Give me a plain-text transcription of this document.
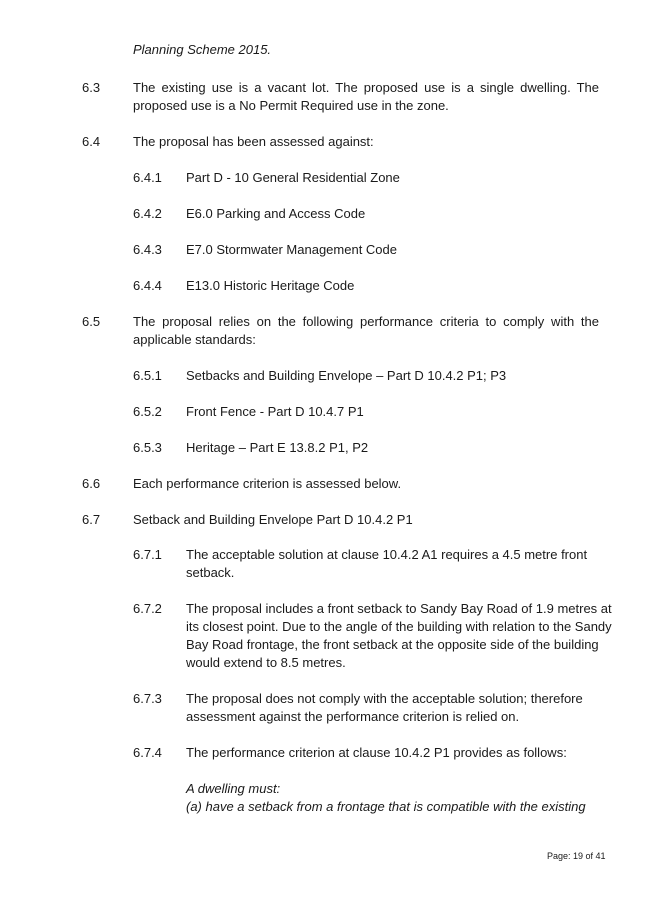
Planning Scheme 2015.
6.3	The existing use is a vacant lot. The proposed use is a single dwelling. The
proposed use is a No Permit Required use in the zone.
6.4	The proposal has been assessed against:
6.4.1 Part D - 10 General Residential Zone
6.4.2 E6.0 Parking and Access Code
6.4.3 E7.0 Stormwater Management Code
6.4.4 E13.0 Historic Heritage Code
6.5	The proposal relies on the following performance criteria to comply with the
applicable standards:
6.5.1 Setbacks and Building Envelope – Part D 10.4.2 P1; P3
6.5.2 Front Fence - Part D 10.4.7 P1
6.5.3 Heritage – Part E 13.8.2 P1, P2
6.6	Each performance criterion is assessed below.
6.7	Setback and Building Envelope Part D 10.4.2 P1
6.7.1 The acceptable solution at clause 10.4.2 A1 requires a 4.5 metre front
setback.
6.7.2 The proposal includes a front setback to Sandy Bay Road of 1.9 metres at
its closest point. Due to the angle of the building with relation to the Sandy
Bay Road frontage, the front setback at the opposite side of the building
would extend to 8.5 metres.
6.7.3 The proposal does not comply with the acceptable solution; therefore
assessment against the performance criterion is relied on.
6.7.4 The performance criterion at clause 10.4.2 P1 provides as follows:
A dwelling must:
(a) have a setback from a frontage that is compatible with the existing
Page: 19 of 41
